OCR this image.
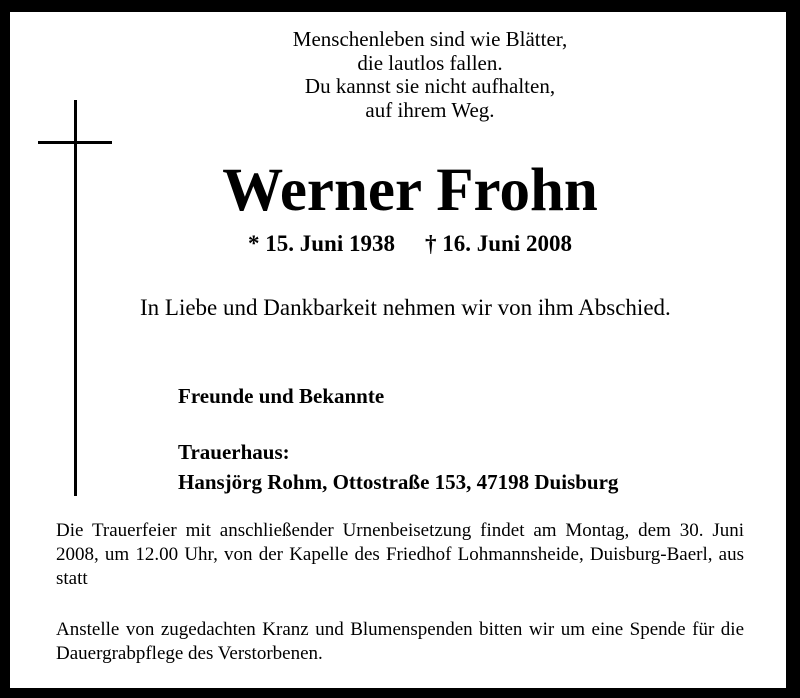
Menschenleben sind wie Blätter,
die lautlos fallen.
Du kannst sie nicht aufhalten,
auf ihrem Weg.
Werner Frohn
* 15. Juni 1938 † 16. Juni 2008
In Liebe und Dankbarkeit nehmen wir von ihm Abschied.
Freunde und Bekannte
Trauerhaus:
Hansjörg Rohm, Ottostraße 153, 47198 Duisburg
Die Trauerfeier mit anschließender Urnenbeisetzung findet am Montag, dem 30. Juni 2008, um 12.00 Uhr, von der Kapelle des Friedhof Lohmannsheide, Duisburg-Baerl, aus statt
Anstelle von zugedachten Kranz und Blumenspenden bitten wir um eine Spende für die Dauergrabpflege des Verstorbenen.
